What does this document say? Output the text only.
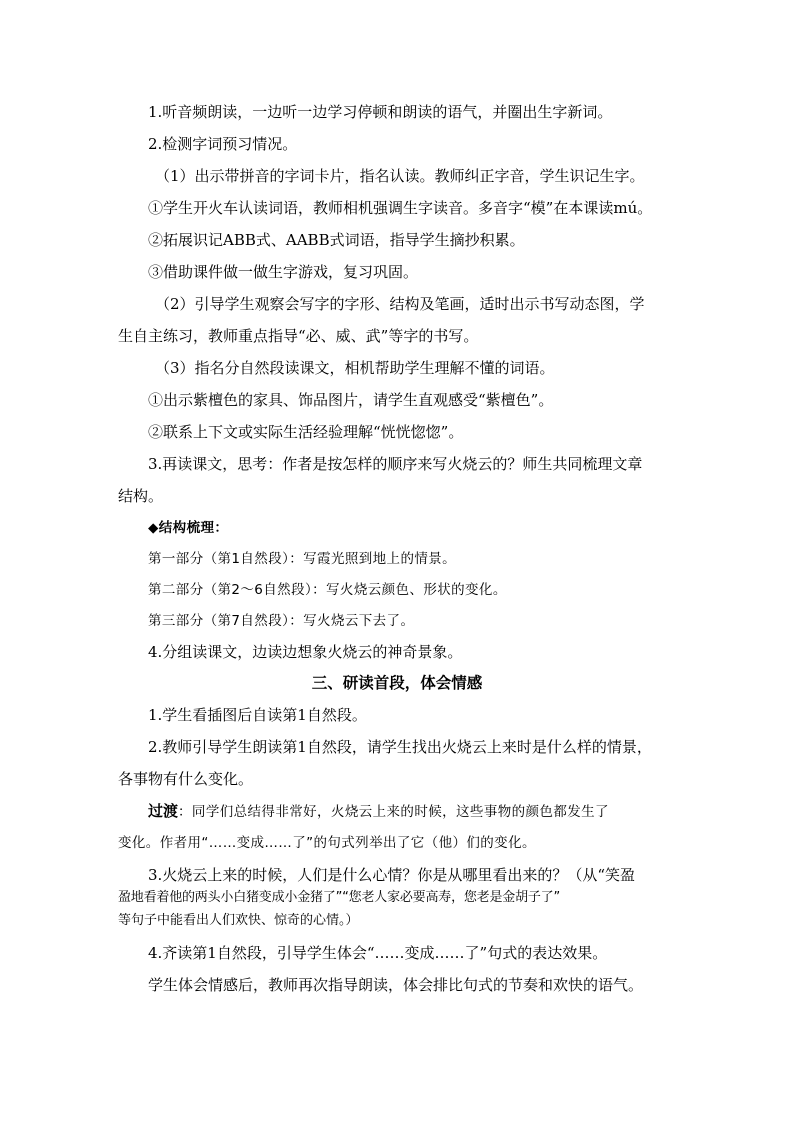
1.听音频朗读，一边听一边学习停顿和朗读的语气，并圈出生字新词。
2.检测字词预习情况。
（1）出示带拼音的字词卡片，指名认读。教师纠正字音，学生识记生字。
①学生开火车认读词语，教师相机强调生字读音。多音字“模”在本课读mú。
②拓展识记ABB式、AABB式词语，指导学生摘抄积累。
③借助课件做一做生字游戏，复习巩固。
（2）引导学生观察会写字的字形、结构及笔画，适时出示书写动态图，学
生自主练习，教师重点指导“必、威、武”等字的书写。
（3）指名分自然段读课文，相机帮助学生理解不懂的词语。
①出示紫檀色的家具、饰品图片，请学生直观感受“紫檀色”。
②联系上下文或实际生活经验理解“恍恍惚惚”。
3.再读课文，思考：作者是按怎样的顺序来写火烧云的？师生共同梳理文章
结构。
◆结构梳理：
第一部分（第1自然段）：写霞光照到地上的情景。
第二部分（第2～6自然段）：写火烧云颜色、形状的变化。
第三部分（第7自然段）：写火烧云下去了。
4.分组读课文，边读边想象火烧云的神奇景象。
三、研读首段，体会情感
1.学生看插图后自读第1自然段。
2.教师引导学生朗读第1自然段，请学生找出火烧云上来时是什么样的情景，
各事物有什么变化。
过渡：同学们总结得非常好，火烧云上来的时候，这些事物的颜色都发生了
变化。作者用“……变成……了”的句式列举出了它（他）们的变化。
3.火烧云上来的时候，人们是什么心情？你是从哪里看出来的？（从“笑盈
盈地看着他的两头小白猪变成小金猪了”“您老人家必要高寿，您老是金胡子了”
等句子中能看出人们欢快、惊奇的心情。）
4.齐读第1自然段，引导学生体会“……变成……了”句式的表达效果。
学生体会情感后，教师再次指导朗读，体会排比句式的节奏和欢快的语气。
